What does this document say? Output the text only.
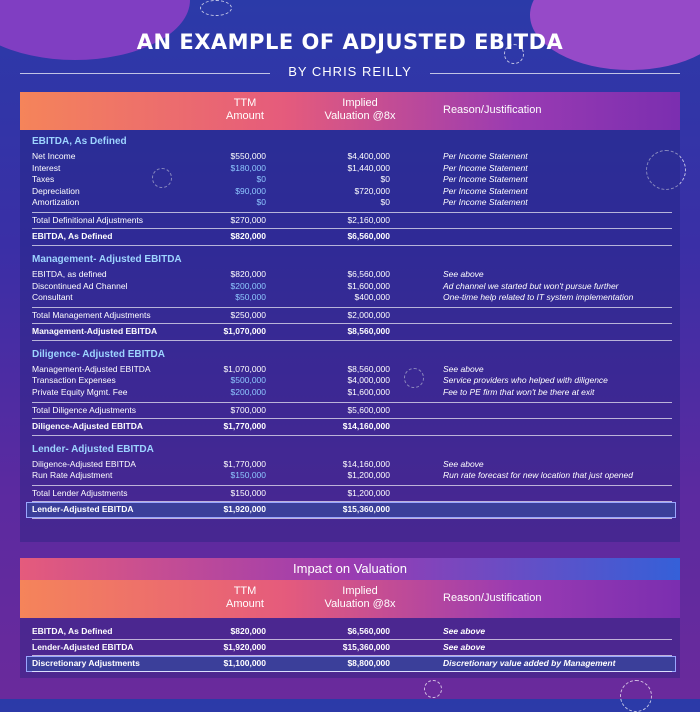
AN EXAMPLE OF ADJUSTED EBITDA
BY CHRIS REILLY
TTM
Amount
Implied
Valuation @8x	Reason/Justification
EBITDA, As Defined
Net Income	$550,000	$4,400,000	Per Income Statement
Interest	$180,000	$1,440,000	Per Income Statement
Taxes	$0	$0	Per Income Statement
Depreciation	$90,000	$720,000	Per Income Statement
Amortization	$0	$0	Per Income Statement
Total Definitional Adjustments	$270,000	$2,160,000
EBITDA, As Defined	$820,000	$6,560,000
Management- Adjusted EBITDA
EBITDA, as defined	$820,000	$6,560,000	See above
Discontinued Ad Channel	$200,000	$1,600,000	Ad channel we started but won't pursue further
Consultant	$50,000	$400,000	One-time help related to IT system implementation
Total Management Adjustments	$250,000	$2,000,000
Management-Adjusted EBITDA	$1,070,000	$8,560,000
Diligence- Adjusted EBITDA
Management-Adjusted EBITDA	$1,070,000	$8,560,000	See above
Transaction Expenses	$500,000	$4,000,000	Service providers who helped with diligence
Private Equity Mgmt. Fee	$200,000	$1,600,000	Fee to PE firm that won't be there at exit
Total Diligence Adjustments	$700,000	$5,600,000
Diligence-Adjusted EBITDA	$1,770,000	$14,160,000
Lender- Adjusted EBITDA
Diligence-Adjusted EBITDA	$1,770,000	$14,160,000	See above
Run Rate Adjustment	$150,000	$1,200,000	Run rate forecast for new location that just opened
Total Lender Adjustments	$150,000	$1,200,000
Lender-Adjusted EBITDA	$1,920,000	$15,360,000
Impact on Valuation
TTM
Amount
Implied
Valuation @8x	Reason/Justification
EBITDA, As Defined	$820,000	$6,560,000	See above
Lender-Adjusted EBITDA	$1,920,000	$15,360,000	See above
Discretionary Adjustments	$1,100,000	$8,800,000	Discretionary value added by Management
